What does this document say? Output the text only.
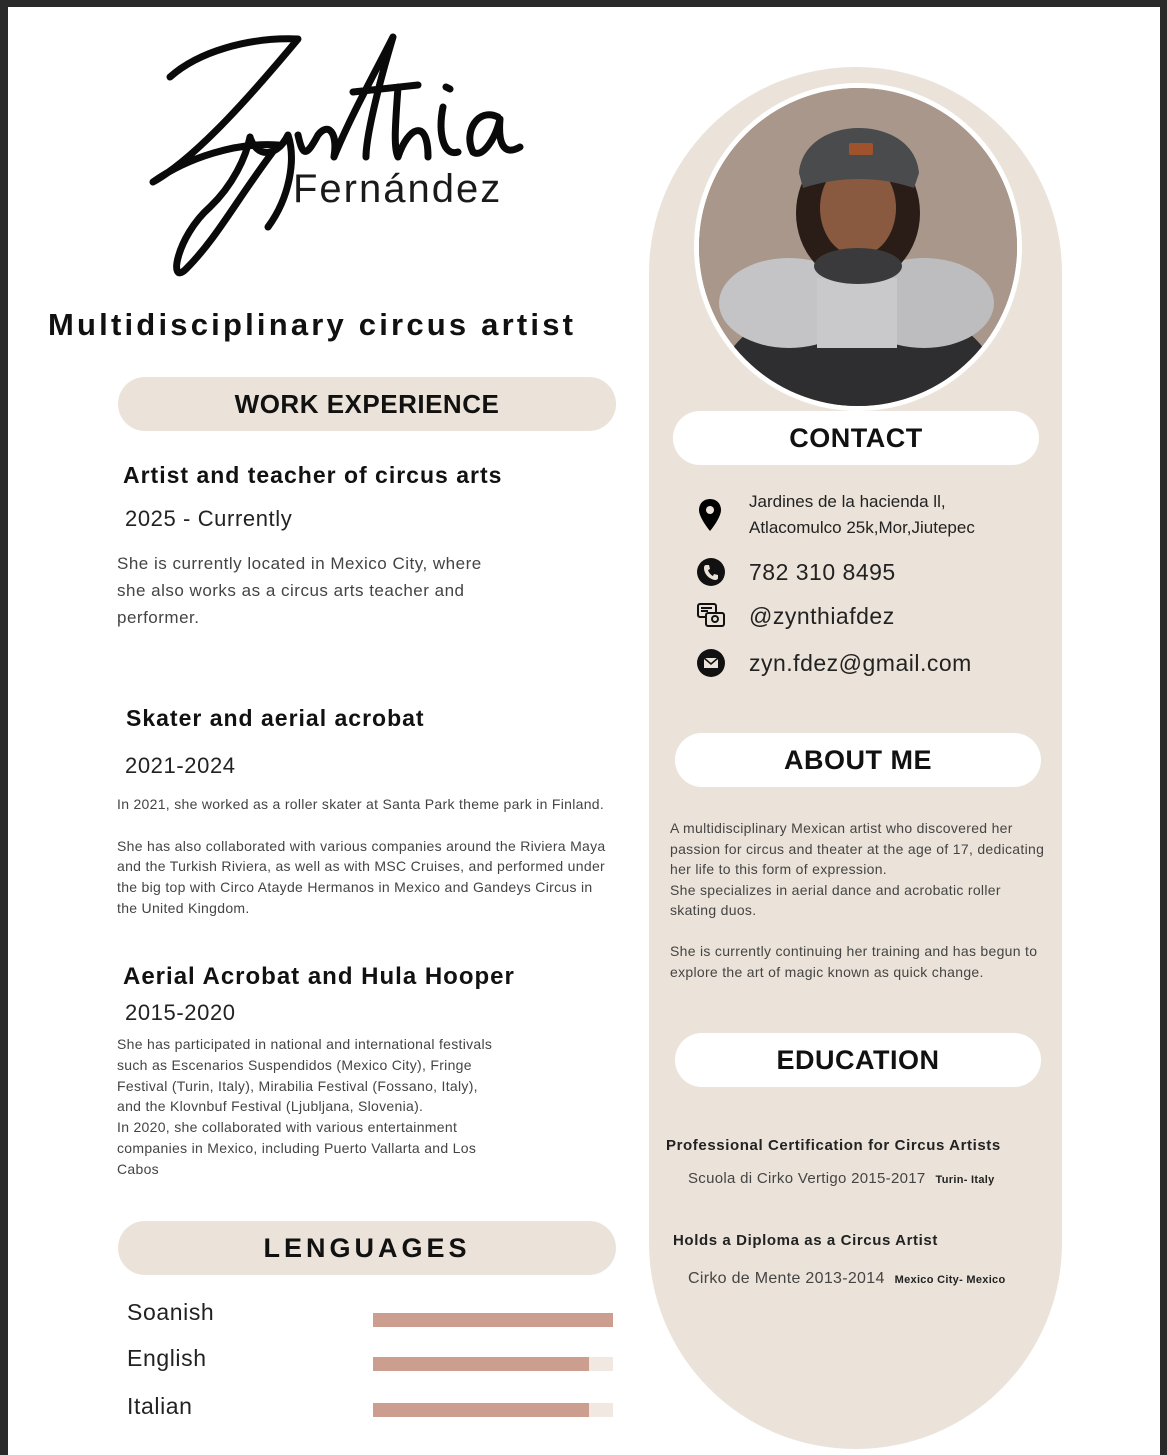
Fernández
Multidisciplinary circus artist
WORK EXPERIENCE
Artist and teacher of circus arts
2025 - Currently
She is currently located in Mexico City, where she also works as a circus arts teacher and performer.
Skater and aerial acrobat
2021-2024
In 2021, she worked as a roller skater at Santa Park theme park in Finland.
She has also collaborated with various companies around the Riviera Maya and the Turkish Riviera, as well as with MSC Cruises, and performed under the big top with Circo Atayde Hermanos in Mexico and Gandeys Circus in the United Kingdom.
Aerial Acrobat and Hula Hooper
2015-2020
She has participated in national and international festivals such as Escenarios Suspendidos (Mexico City), Fringe Festival (Turin, Italy), Mirabilia Festival (Fossano, Italy), and the Klovnbuf Festival (Ljubljana, Slovenia).
In 2020, she collaborated with various entertainment companies in Mexico, including Puerto Vallarta and Los Cabos
LENGUAGES
Soanish
English
Italian
CONTACT
Jardines de la hacienda ll,
Atlacomulco 25k,Mor,Jiutepec
782 310 8495
@zynthiafdez
zyn.fdez@gmail.com
ABOUT ME
A multidisciplinary Mexican artist who discovered her passion for circus and theater at the age of 17, dedicating her life to this form of expression.
She specializes in aerial dance and acrobatic roller skating duos.
She is currently continuing her training and has begun to explore the art of magic known as quick change.
EDUCATION
Professional Certification for Circus Artists
Scuola di Cirko Vertigo 2015-2017 Turin- Italy
Holds a Diploma as a Circus Artist
Cirko de Mente 2013-2014 Mexico City- Mexico
